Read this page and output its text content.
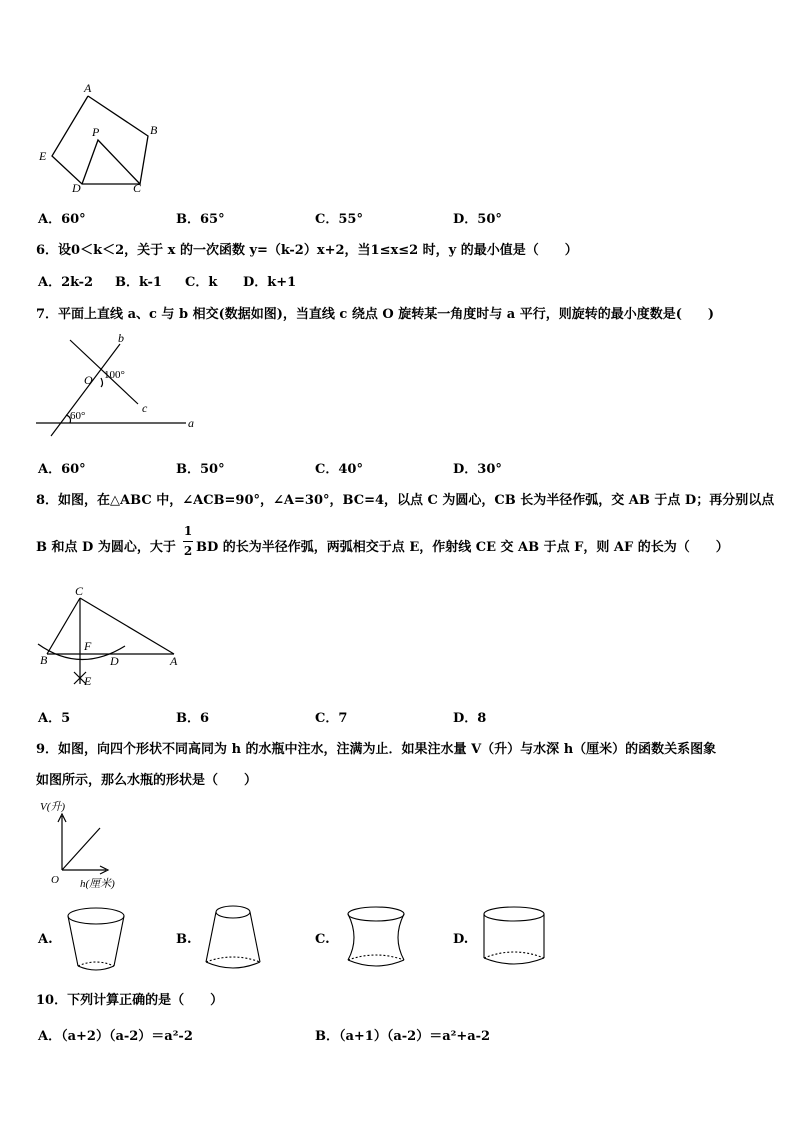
A
B
P
E
D	C
A．60°	B．65°	C．55°	D．50°
6．设0＜k＜2，关于 x 的一次函数 y=（k-2）x+2，当1≤x≤2 时，y 的最小值是（　　）
A．2k-2 B．k-1 C．k D．k+1
7．平面上直线 a、c 与 b 相交(数据如图)，当直线 c 绕点 O 旋转某一角度时与 a 平行，则旋转的最小度数是(　　)
b
O 100°
c
60°	a
A．60°	B．50°	C．40°	D．30°
8．如图，在△ABC 中，∠ACB=90°，∠A=30°，BC=4，以点 C 为圆心，CB 长为半径作弧，交 AB 于点 D；再分别以点
B 和点 D 为圆心，大于
1
2 BD 的长为半径作弧，两弧相交于点 E，作射线 CE 交 AB 于点 F，则 AF 的长为（　　）
C
F
B	D	A
E
A．5	B．6	C．7	D．8
9．如图，向四个形状不同高同为 h 的水瓶中注水，注满为止．如果注水量 V（升）与水深 h（厘米）的函数关系图象
如图所示，那么水瓶的形状是（　　）
V(升)
O h(厘米)
A.	B.	C.	D.
10．下列计算正确的是（　　）
A．（a+2）（a-2）＝a²-2	B．（a+1）（a-2）＝a²+a-2
